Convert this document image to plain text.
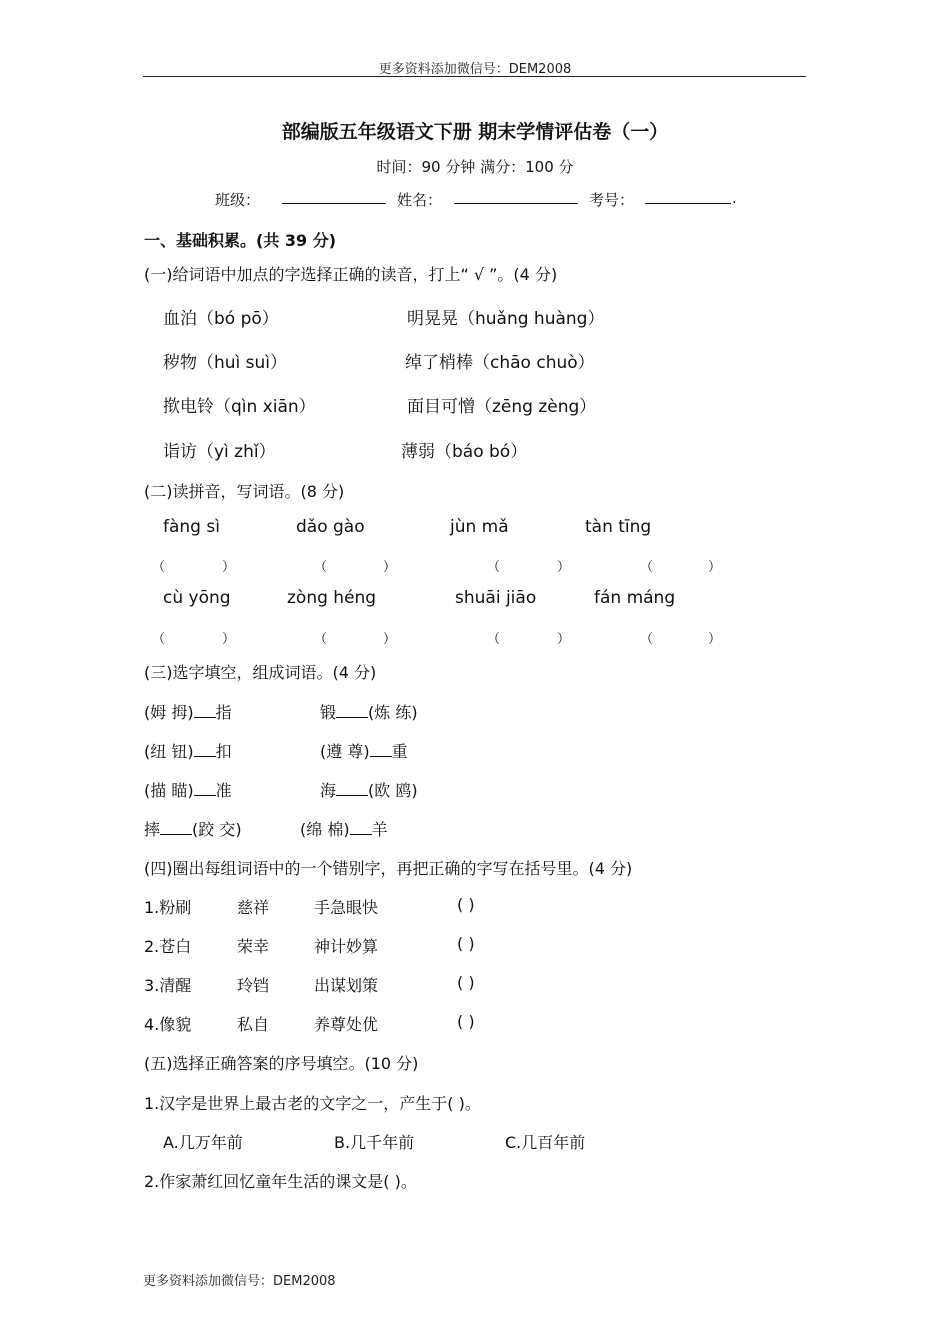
更多资料添加微信号：DEM2008
部编版五年级语文下册 期末学情评估卷（一）
时间：90 分钟 满分：100 分
班级：	姓名：	考号：	.
一、基础积累。(共 39 分)
(一)给词语中加点的字选择正确的读音，打上“ √ ”。(4 分)
血泊（bó pō）	明晃晃（huǎng huàng）
秽物（huì suì）	绰了梢棒（chāo chuò）
揿电铃（qìn xiān）	面目可憎（zēng zèng）
诣访（yì zhǐ）	薄弱（báo bó）
(二)读拼音，写词语。(8 分)
fàng sì	dǎo gào	jùn mǎ	tàn tīng
（	）	（	）	（	）	（	）
cù yōng	zòng héng	shuāi jiāo	fán máng
（	）	（	）	（	）	（	）
(三)选字填空，组成词语。(4 分)
(姆 拇) 指	锻 (炼 练)
(纽 钮) 扣	(遵 尊) 重
(描 瞄) 准	海 (欧 鸥)
摔 (跤 交)	(绵 棉) 羊
(四)圈出每组词语中的一个错别字，再把正确的字写在括号里。(4 分)
1.粉刷	慈祥	手急眼快	( )
2.苍白	荣幸	神计妙算	( )
3.清醒	玲铛	出谋划策	( )
4.像貌	私自	养尊处优	( )
(五)选择正确答案的序号填空。(10 分)
1.汉字是世界上最古老的文字之一，产生于( )。
A.几万年前	B.几千年前	C.几百年前
2.作家萧红回忆童年生活的课文是( )。
更多资料添加微信号：DEM2008
